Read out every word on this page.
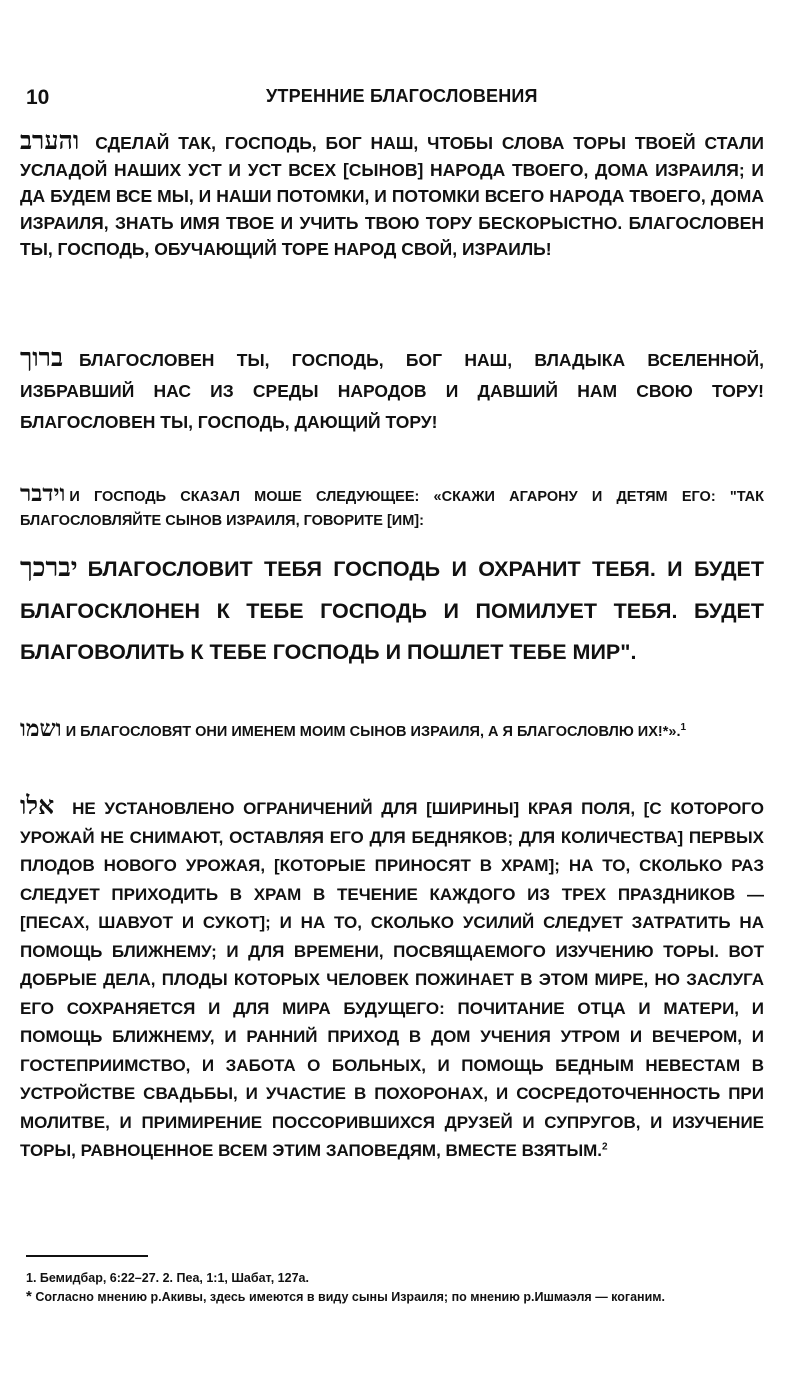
10	УТРЕННИЕ БЛАГОСЛОВЕНИЯ
והערב СДЕЛАЙ ТАК, ГОСПОДЬ, БОГ НАШ, ЧТОБЫ СЛОВА ТОРЫ ТВОЕЙ СТАЛИ УСЛАДОЙ НАШИХ УСТ И УСТ ВСЕХ [СЫНОВ] НАРОДА ТВОЕГО, ДОМА ИЗРАИЛЯ; И ДА БУДЕМ ВСЕ МЫ, И НАШИ ПОТОМКИ, И ПОТОМКИ ВСЕГО НАРОДА ТВОЕГО, ДОМА ИЗРАИЛЯ, ЗНАТЬ ИМЯ ТВОЕ И УЧИТЬ ТВОЮ ТОРУ БЕСКОРЫСТНО. БЛАГОСЛОВЕН ТЫ, ГОСПОДЬ, ОБУЧАЮЩИЙ ТОРЕ НАРОД СВОЙ, ИЗРАИЛЬ!
ברוך БЛАГОСЛОВЕН ТЫ, ГОСПОДЬ, БОГ НАШ, ВЛАДЫКА ВСЕЛЕННОЙ, ИЗБРАВШИЙ НАС ИЗ СРЕДЫ НАРОДОВ И ДАВШИЙ НАМ СВОЮ ТОРУ! БЛАГОСЛОВЕН ТЫ, ГОСПОДЬ, ДАЮЩИЙ ТОРУ!
וידבר И ГОСПОДЬ СКАЗАЛ МОШЕ СЛЕДУЮЩЕЕ: «СКАЖИ АГАРОНУ И ДЕТЯМ ЕГО: "ТАК БЛАГОСЛОВЛЯЙТЕ СЫНОВ ИЗРАИЛЯ, ГОВОРИТЕ [ИМ]:
יברכך БЛАГОСЛОВИТ ТЕБЯ ГОСПОДЬ И ОХРАНИТ ТЕБЯ. И БУДЕТ БЛАГОСКЛОНЕН К ТЕБЕ ГОСПОДЬ И ПОМИЛУЕТ ТЕБЯ. БУДЕТ БЛАГОВОЛИТЬ К ТЕБЕ ГОСПОДЬ И ПОШЛЕТ ТЕБЕ МИР".
ושמו И БЛАГОСЛОВЯТ ОНИ ИМЕНЕМ МОИМ СЫНОВ ИЗРАИЛЯ, А Я БЛАГОСЛОВЛЮ ИХ!*».$^1$
אלו НЕ УСТАНОВЛЕНО ОГРАНИЧЕНИЙ ДЛЯ [ШИРИНЫ] КРАЯ ПОЛЯ, [С КОТОРОГО УРОЖАЙ НЕ СНИМАЮТ, ОСТАВЛЯЯ ЕГО ДЛЯ БЕДНЯКОВ; ДЛЯ КОЛИЧЕСТВА] ПЕРВЫХ ПЛОДОВ НОВОГО УРОЖАЯ, [КОТОРЫЕ ПРИНОСЯТ В ХРАМ]; НА ТО, СКОЛЬКО РАЗ СЛЕДУЕТ ПРИХОДИТЬ В ХРАМ В ТЕЧЕНИЕ КАЖДОГО ИЗ ТРЕХ ПРАЗДНИКОВ — [ПЕСАХ, ШАВУОТ И СУКОТ]; И НА ТО, СКОЛЬКО УСИЛИЙ СЛЕДУЕТ ЗАТРАТИТЬ НА ПОМОЩЬ БЛИЖНЕМУ; И ДЛЯ ВРЕМЕНИ, ПОСВЯЩАЕМОГО ИЗУЧЕНИЮ ТОРЫ. ВОТ ДОБРЫЕ ДЕЛА, ПЛОДЫ КОТОРЫХ ЧЕЛОВЕК ПОЖИНАЕТ В ЭТОМ МИРЕ, НО ЗАСЛУГА ЕГО СОХРАНЯЕТСЯ И ДЛЯ МИРА БУДУЩЕГО: ПОЧИТАНИЕ ОТЦА И МАТЕРИ, И ПОМОЩЬ БЛИЖНЕМУ, И РАННИЙ ПРИХОД В ДОМ УЧЕНИЯ УТРОМ И ВЕЧЕРОМ, И ГОСТЕПРИИМСТВО, И ЗАБОТА О БОЛЬНЫХ, И ПОМОЩЬ БЕДНЫМ НЕВЕСТАМ В УСТРОЙСТВЕ СВАДЬБЫ, И УЧАСТИЕ В ПОХОРОНАХ, И СОСРЕДОТОЧЕННОСТЬ ПРИ МОЛИТВЕ, И ПРИМИРЕНИЕ ПОССОРИВШИХСЯ ДРУЗЕЙ И СУПРУГОВ, И ИЗУЧЕНИЕ ТОРЫ, РАВНОЦЕННОЕ ВСЕМ ЭТИМ ЗАПОВЕДЯМ, ВМЕСТЕ ВЗЯТЫМ.$^2$
1. Бемидбар, 6:22–27. 2. Пеа, 1:1, Шабат, 127а.
* Согласно мнению р.Акивы, здесь имеются в виду сыны Израиля; по мнению р.Ишмаэля — коганим.
